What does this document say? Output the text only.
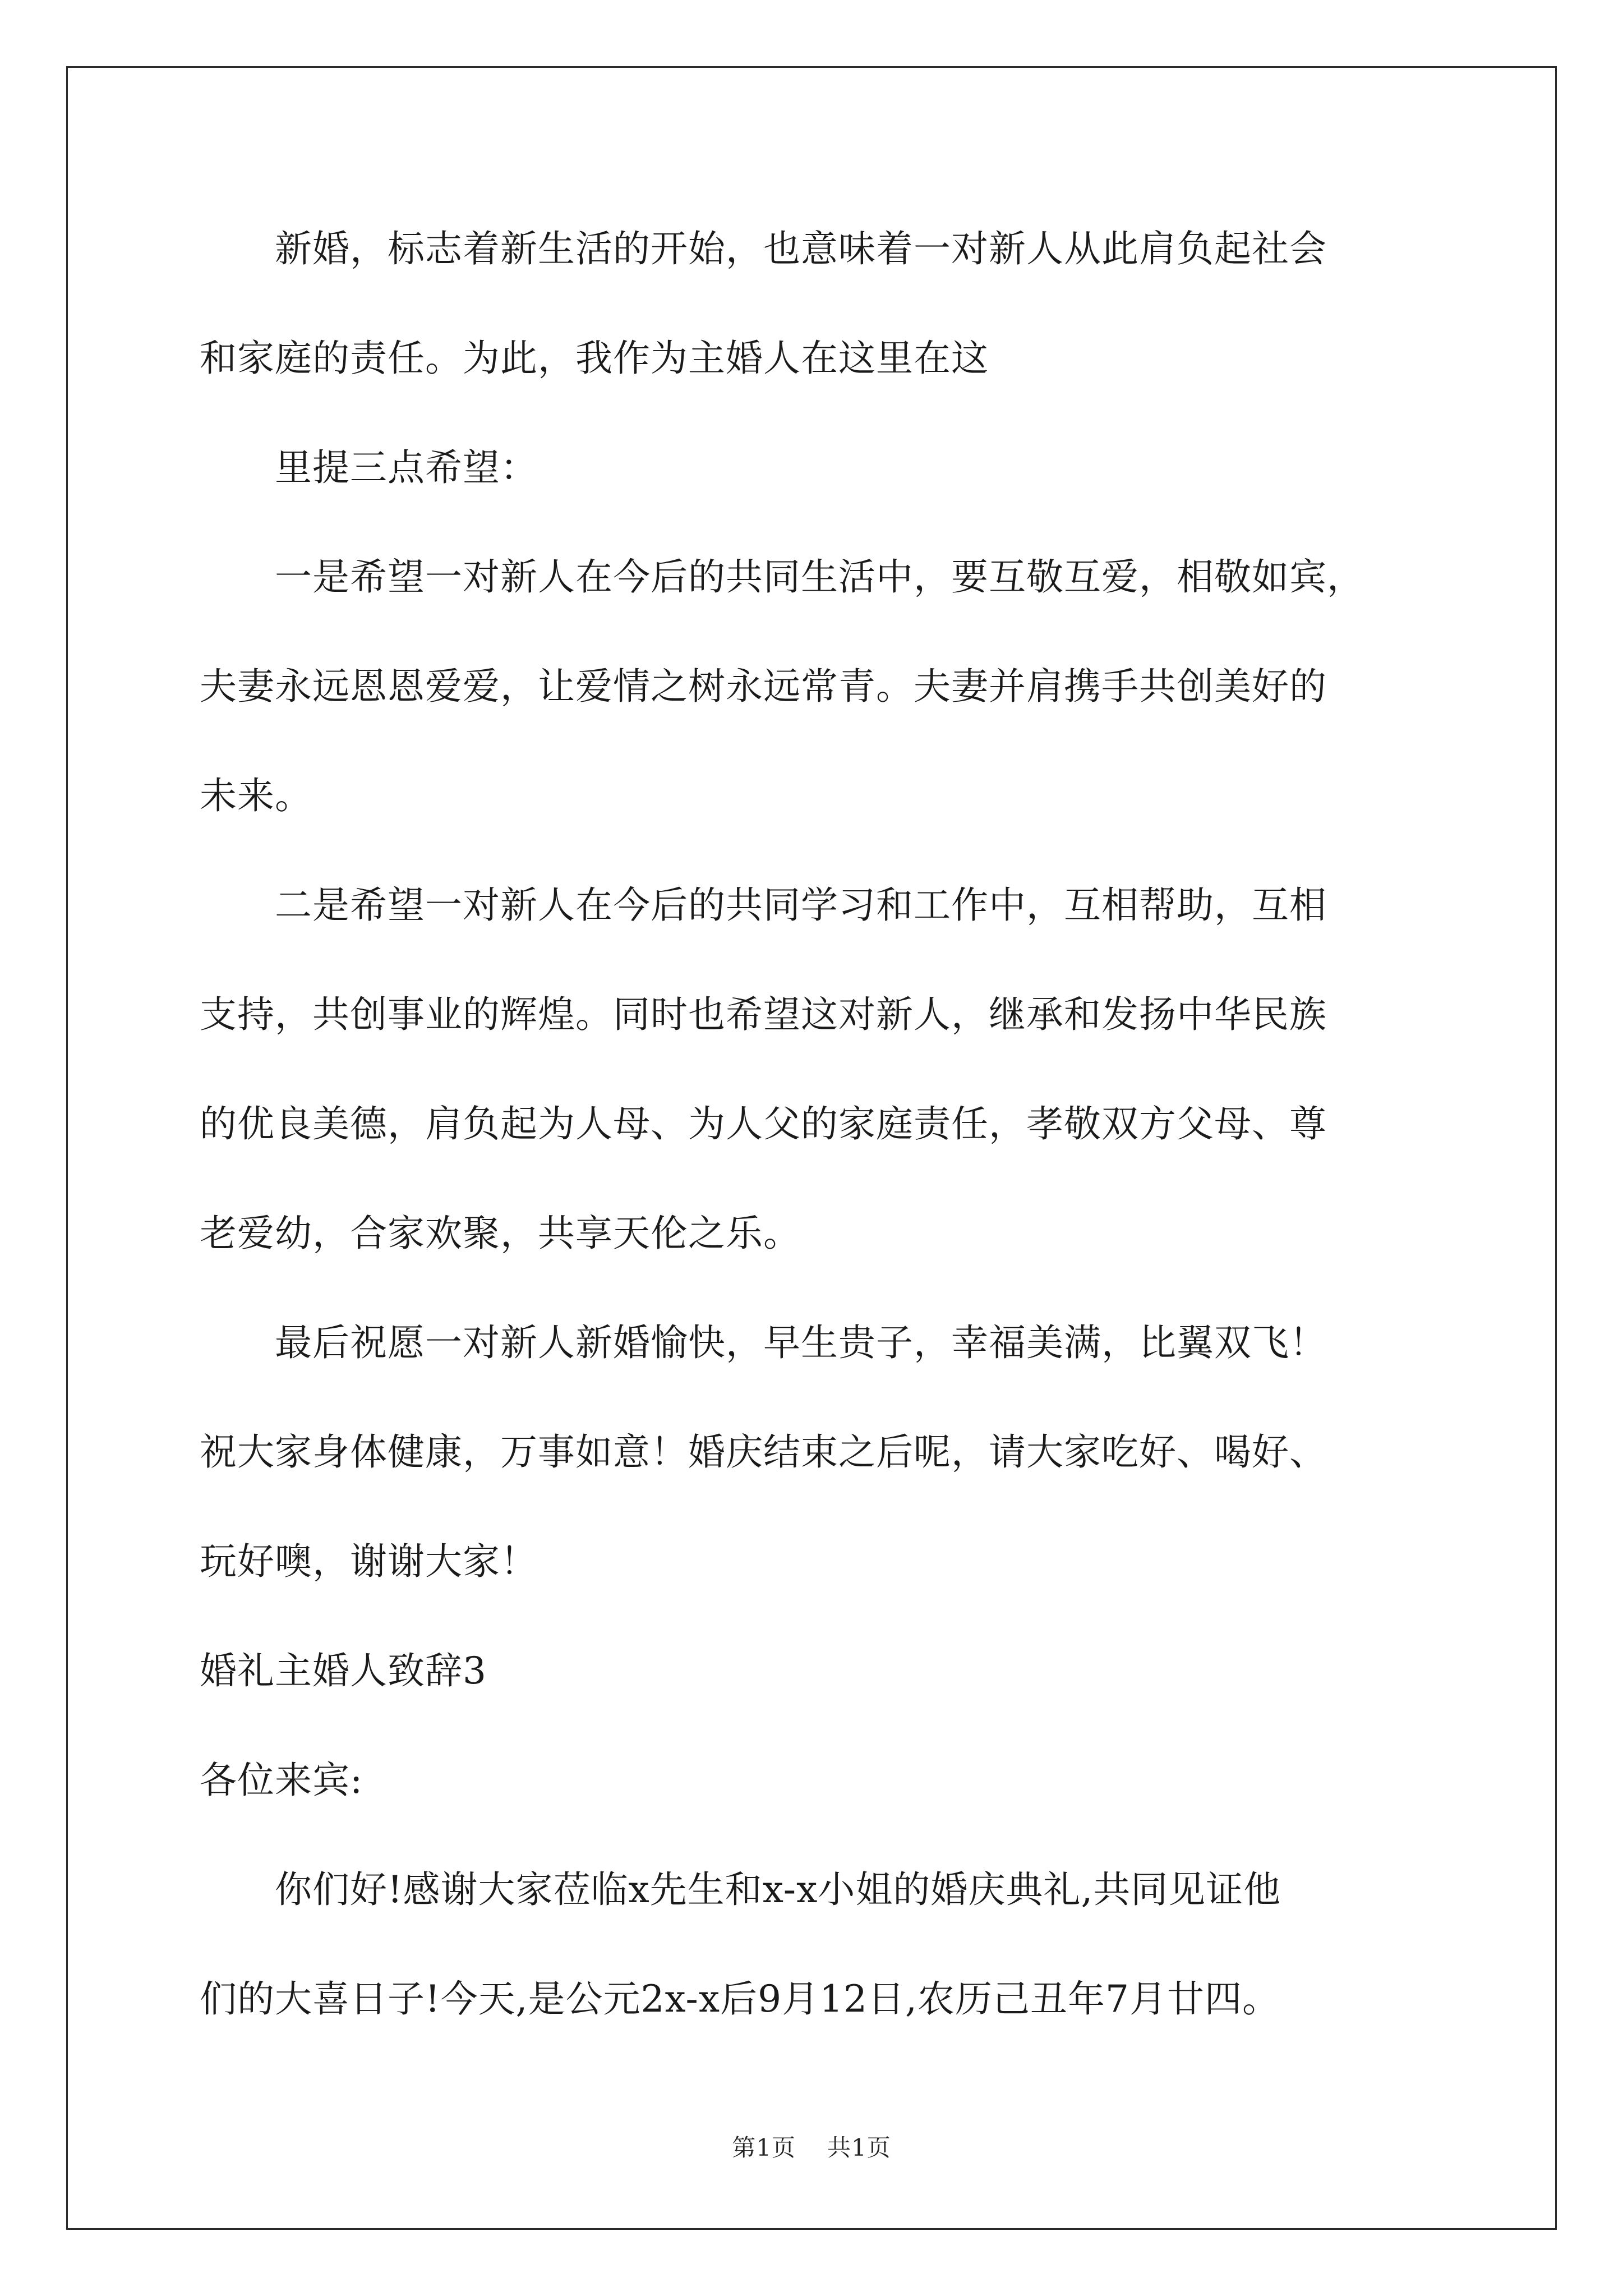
　　新婚，标志着新生活的开始，也意味着一对新人从此肩负起社会
和家庭的责任。为此，我作为主婚人在这里在这
　　里提三点希望：
　　一是希望一对新人在今后的共同生活中，要互敬互爱，相敬如宾，
夫妻永远恩恩爱爱，让爱情之树永远常青。夫妻并肩携手共创美好的
未来。
　　二是希望一对新人在今后的共同学习和工作中，互相帮助，互相
支持，共创事业的辉煌。同时也希望这对新人，继承和发扬中华民族
的优良美德，肩负起为人母、为人父的家庭责任，孝敬双方父母、尊
老爱幼，合家欢聚，共享天伦之乐。
　　最后祝愿一对新人新婚愉快，早生贵子，幸福美满，比翼双飞！
祝大家身体健康，万事如意！婚庆结束之后呢，请大家吃好、喝好、
玩好噢，谢谢大家！
婚礼主婚人致辞3
各位来宾:
　　你们好!感谢大家莅临x先生和x-x小姐的婚庆典礼,共同见证他
们的大喜日子!今天,是公元2x-x后9月12日,农历己丑年7月廿四。
第1页 共1页
